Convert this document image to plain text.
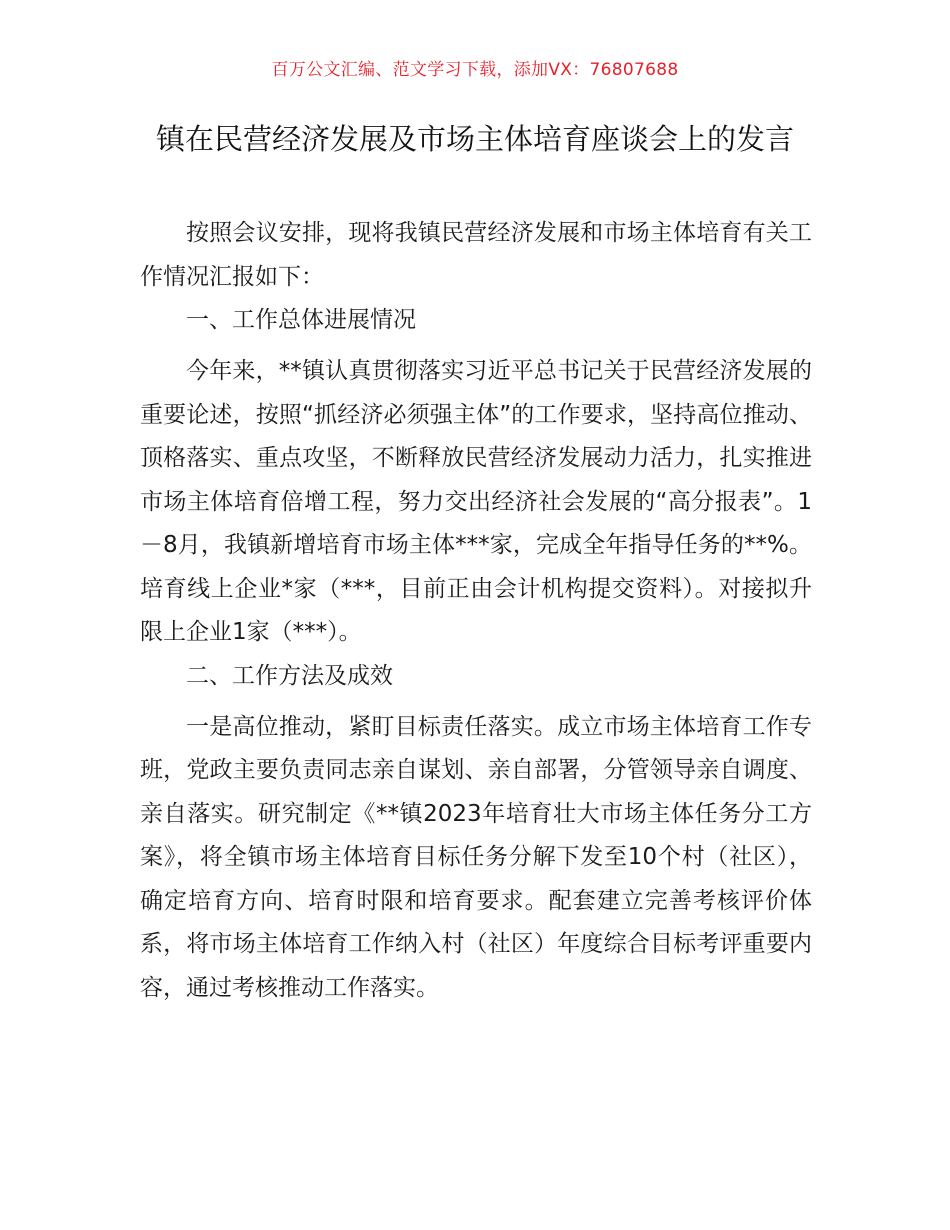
百万公文汇编、范文学习下载，添加VX：76807688
镇在民营经济发展及市场主体培育座谈会上的发言

按照会议安排，现将我镇民营经济发展和市场主体培育有关工作情况汇报如下：

一、工作总体进展情况

今年来，**镇认真贯彻落实习近平总书记关于民营经济发展的重要论述，按照“抓经济必须强主体”的工作要求，坚持高位推动、顶格落实、重点攻坚，不断释放民营经济发展动力活力，扎实推进市场主体培育倍增工程，努力交出经济社会发展的“高分报表”。1－8月，我镇新增培育市场主体***家，完成全年指导任务的**%。培育线上企业*家（***，目前正由会计机构提交资料）。对接拟升限上企业1家（***）。

二、工作方法及成效

一是高位推动，紧盯目标责任落实。成立市场主体培育工作专班，党政主要负责同志亲自谋划、亲自部署，分管领导亲自调度、亲自落实。研究制定《**镇2023年培育壮大市场主体任务分工方案》，将全镇市场主体培育目标任务分解下发至10个村（社区），确定培育方向、培育时限和培育要求。配套建立完善考核评价体系，将市场主体培育工作纳入村（社区）年度综合目标考评重要内容，通过考核推动工作落实。
